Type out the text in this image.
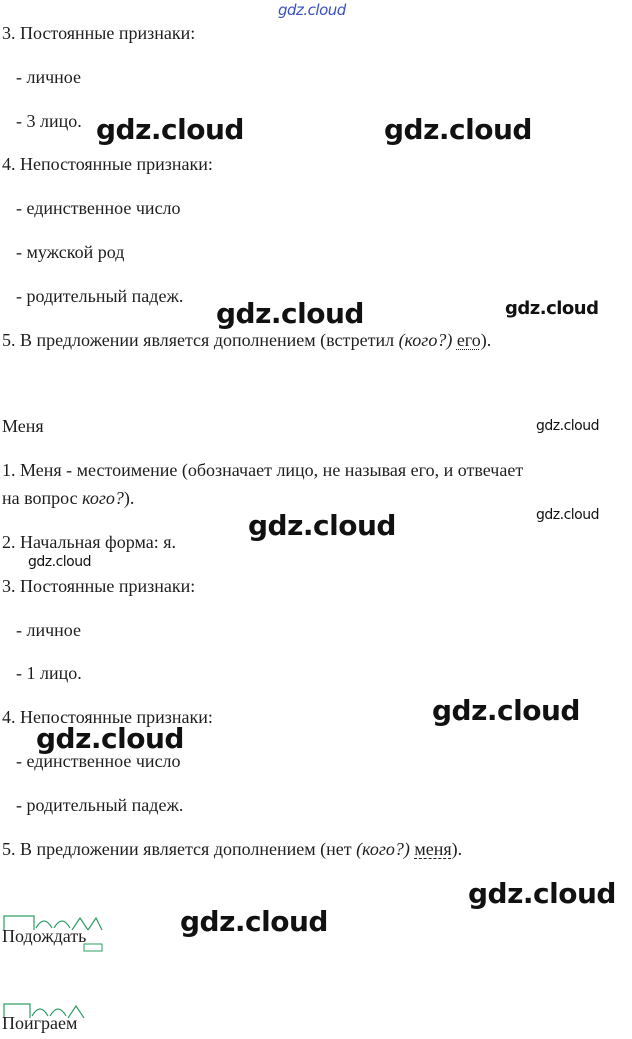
gdz.cloud
3. Постоянные признаки:
- личное
- 3 лицо.
4. Непостоянные признаки:
- единственное число
- мужской род
- родительный падеж.
5. В предложении является дополнением (встретил (кого?) его).
Меня
1. Меня - местоимение (обозначает лицо, не называя его, и отвечает
на вопрос кого?).
2. Начальная форма: я.
3. Постоянные признаки:
- личное
- 1 лицо.
4. Непостоянные признаки:
- единственное число
- родительный падеж.
5. В предложении является дополнением (нет (кого?) меня).
Подождать
Поиграем
gdz.cloud	gdz.cloud
gdz.cloud	gdz.cloud
gdz.cloud
gdz.cloud	gdz.cloud
gdz.cloud
gdz.cloud
gdz.cloud
gdz.cloud
gdz.cloud
